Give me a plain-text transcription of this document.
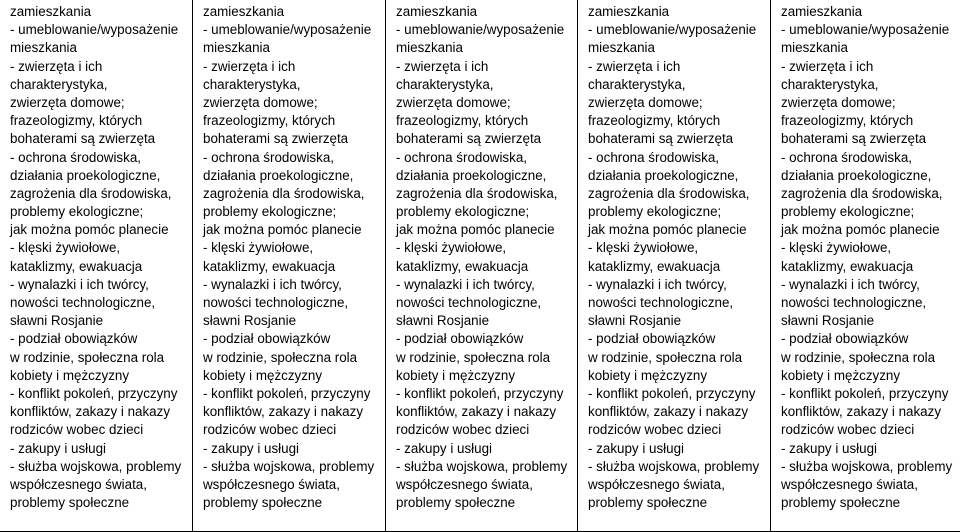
zamieszkania
- umeblowanie/wyposażenie
mieszkania
- zwierzęta i ich
charakterystyka,
zwierzęta domowe;
frazeologizmy, których
bohaterami są zwierzęta
- ochrona środowiska,
działania proekologiczne,
zagrożenia dla środowiska,
problemy ekologiczne;
jak można pomóc planecie
- klęski żywiołowe,
kataklizmy, ewakuacja
- wynalazki i ich twórcy,
nowości technologiczne,
sławni Rosjanie
- podział obowiązków
w rodzinie, społeczna rola
kobiety i mężczyzny
- konflikt pokoleń, przyczyny
konfliktów, zakazy i nakazy
rodziców wobec dzieci
- zakupy i usługi
- służba wojskowa, problemy
współczesnego świata,
problemy społeczne

zamieszkania
- umeblowanie/wyposażenie
mieszkania
- zwierzęta i ich
charakterystyka,
zwierzęta domowe;
frazeologizmy, których
bohaterami są zwierzęta
- ochrona środowiska,
działania proekologiczne,
zagrożenia dla środowiska,
problemy ekologiczne;
jak można pomóc planecie
- klęski żywiołowe,
kataklizmy, ewakuacja
- wynalazki i ich twórcy,
nowości technologiczne,
sławni Rosjanie
- podział obowiązków
w rodzinie, społeczna rola
kobiety i mężczyzny
- konflikt pokoleń, przyczyny
konfliktów, zakazy i nakazy
rodziców wobec dzieci
- zakupy i usługi
- służba wojskowa, problemy
współczesnego świata,
problemy społeczne

zamieszkania
- umeblowanie/wyposażenie
mieszkania
- zwierzęta i ich
charakterystyka,
zwierzęta domowe;
frazeologizmy, których
bohaterami są zwierzęta
- ochrona środowiska,
działania proekologiczne,
zagrożenia dla środowiska,
problemy ekologiczne;
jak można pomóc planecie
- klęski żywiołowe,
kataklizmy, ewakuacja
- wynalazki i ich twórcy,
nowości technologiczne,
sławni Rosjanie
- podział obowiązków
w rodzinie, społeczna rola
kobiety i mężczyzny
- konflikt pokoleń, przyczyny
konfliktów, zakazy i nakazy
rodziców wobec dzieci
- zakupy i usługi
- służba wojskowa, problemy
współczesnego świata,
problemy społeczne

zamieszkania
- umeblowanie/wyposażenie
mieszkania
- zwierzęta i ich
charakterystyka,
zwierzęta domowe;
frazeologizmy, których
bohaterami są zwierzęta
- ochrona środowiska,
działania proekologiczne,
zagrożenia dla środowiska,
problemy ekologiczne;
jak można pomóc planecie
- klęski żywiołowe,
kataklizmy, ewakuacja
- wynalazki i ich twórcy,
nowości technologiczne,
sławni Rosjanie
- podział obowiązków
w rodzinie, społeczna rola
kobiety i mężczyzny
- konflikt pokoleń, przyczyny
konfliktów, zakazy i nakazy
rodziców wobec dzieci
- zakupy i usługi
- służba wojskowa, problemy
współczesnego świata,
problemy społeczne

zamieszkania
- umeblowanie/wyposażenie
mieszkania
- zwierzęta i ich
charakterystyka,
zwierzęta domowe;
frazeologizmy, których
bohaterami są zwierzęta
- ochrona środowiska,
działania proekologiczne,
zagrożenia dla środowiska,
problemy ekologiczne;
jak można pomóc planecie
- klęski żywiołowe,
kataklizmy, ewakuacja
- wynalazki i ich twórcy,
nowości technologiczne,
sławni Rosjanie
- podział obowiązków
w rodzinie, społeczna rola
kobiety i mężczyzny
- konflikt pokoleń, przyczyny
konfliktów, zakazy i nakazy
rodziców wobec dzieci
- zakupy i usługi
- służba wojskowa, problemy
współczesnego świata,
problemy społeczne
